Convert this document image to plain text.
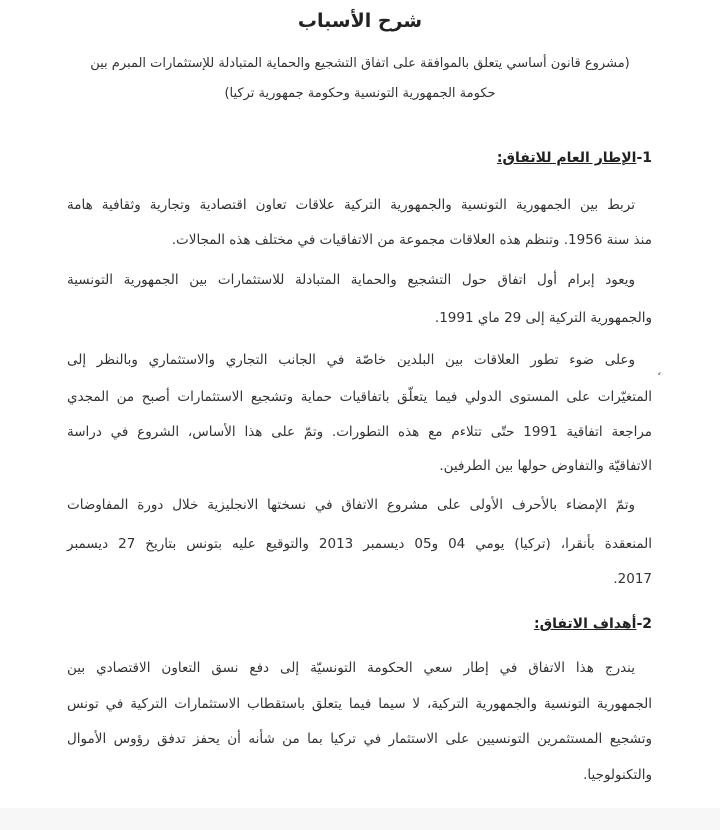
شرح الأسباب
(مشروع قانون أساسي يتعلق بالموافقة على اتفاق التشجيع والحماية المتبادلة للإستثمارات المبرم بين
حكومة الجمهورية التونسية وحكومة جمهورية تركيا)
1-الإطار العام للاتفاق:
تربط بين الجمهورية التونسية والجمهورية التركية علاقات تعاون اقتصادية وتجارية وثقافية هامة
منذ سنة 1956. وتنظم هذه العلاقات مجموعة من الاتفاقيات في مختلف هذه المجالات.
ويعود إبرام أول اتفاق حول التشجيع والحماية المتبادلة للاستثمارات بين الجمهورية التونسية
والجمهورية التركية إلى 29 ماي 1991.
وعلى ضوء تطور العلاقات بين البلدين خاصّة في الجانب التجاري والاستثماري وبالنظر إلى
المتغيّرات على المستوى الدولي فيما يتعلّق باتفاقيات حماية وتشجيع الاستثمارات أصبح من المجدي
مراجعة اتفاقية 1991 حتّى تتلاءم مع هذه التطورات. وتمّ على هذا الأساس، الشروع في دراسة
الاتفاقيّة والتفاوض حولها بين الطرفين.
وتمّ الإمضاء بالأحرف الأولى على مشروع الاتفاق في نسختها الانجليزية خلال دورة المفاوضات
المنعقدة بأنقرا، (تركيا) يومي 04 و05 ديسمبر 2013 والتوقيع عليه بتونس بتاريخ 27 ديسمبر
2017.
2-أهداف الاتفاق:
يندرج هذا الاتفاق في إطار سعي الحكومة التونسيّة إلى دفع نسق التعاون الاقتصادي بين
الجمهورية التونسية والجمهورية التركية، لا سيما فيما يتعلق باستقطاب الاستثمارات التركية في تونس
وتشجيع المستثمرين التونسيين على الاستثمار في تركيا بما من شأنه أن يحفز تدفق رؤوس الأموال
والتكنولوجيا.
